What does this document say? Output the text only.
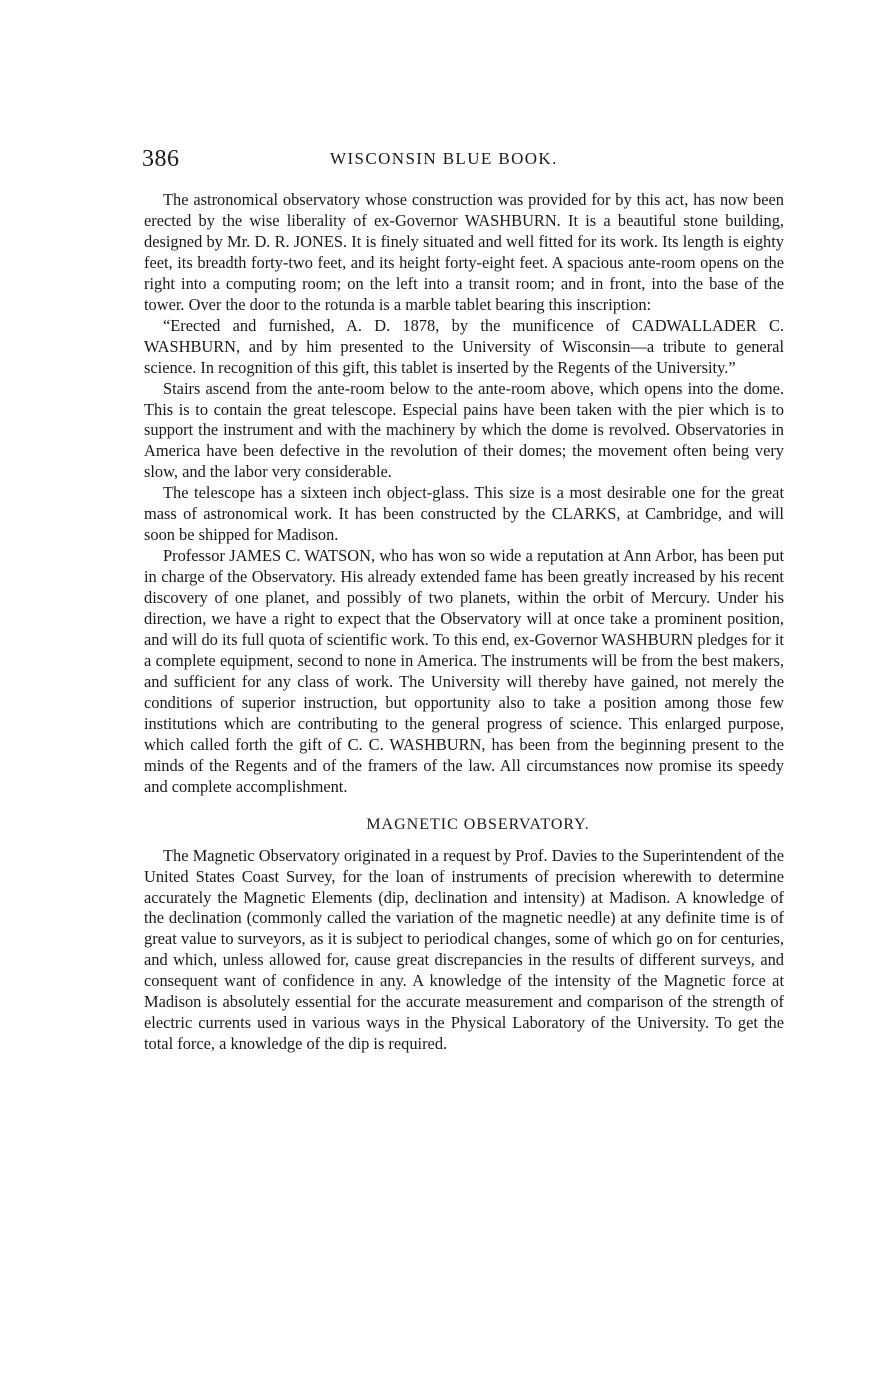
386	WISCONSIN BLUE BOOK.

The astronomical observatory whose construction was provided for by this act, has now been erected by the wise liberality of ex-Governor WASHBURN. It is a beautiful stone building, designed by Mr. D. R. JONES. It is finely situated and well fitted for its work. Its length is eighty feet, its breadth forty-two feet, and its height forty-eight feet. A spacious ante-room opens on the right into a computing room; on the left into a transit room; and in front, into the base of the tower. Over the door to the rotunda is a marble tablet bearing this inscription:

“Erected and furnished, A. D. 1878, by the munificence of CADWALLADER C. WASHBURN, and by him presented to the University of Wisconsin—a tribute to general science. In recognition of this gift, this tablet is inserted by the Regents of the University.”

Stairs ascend from the ante-room below to the ante-room above, which opens into the dome. This is to contain the great telescope. Especial pains have been taken with the pier which is to support the instrument and with the machinery by which the dome is revolved. Observatories in America have been defective in the revolution of their domes; the movement often being very slow, and the labor very considerable.

The telescope has a sixteen inch object-glass. This size is a most desirable one for the great mass of astronomical work. It has been constructed by the CLARKS, at Cambridge, and will soon be shipped for Madison.

Professor JAMES C. WATSON, who has won so wide a reputation at Ann Arbor, has been put in charge of the Observatory. His already extended fame has been greatly increased by his recent discovery of one planet, and possibly of two planets, within the orbit of Mercury. Under his direction, we have a right to expect that the Observatory will at once take a prominent position, and will do its full quota of scientific work. To this end, ex-Governor WASHBURN pledges for it a complete equipment, second to none in America. The instruments will be from the best makers, and sufficient for any class of work. The University will thereby have gained, not merely the conditions of superior instruction, but opportunity also to take a position among those few institutions which are contributing to the general progress of science. This enlarged purpose, which called forth the gift of C. C. WASHBURN, has been from the beginning present to the minds of the Regents and of the framers of the law. All circumstances now promise its speedy and complete accomplishment.

MAGNETIC OBSERVATORY.

The Magnetic Observatory originated in a request by Prof. Davies to the Superintendent of the United States Coast Survey, for the loan of instruments of precision wherewith to determine accurately the Magnetic Elements (dip, declination and intensity) at Madison. A knowledge of the declination (commonly called the variation of the magnetic needle) at any definite time is of great value to surveyors, as it is subject to periodical changes, some of which go on for centuries, and which, unless allowed for, cause great discrepancies in the results of different surveys, and consequent want of confidence in any. A knowledge of the intensity of the Magnetic force at Madison is absolutely essential for the accurate measurement and comparison of the strength of electric currents used in various ways in the Physical Laboratory of the University. To get the total force, a knowledge of the dip is required.
